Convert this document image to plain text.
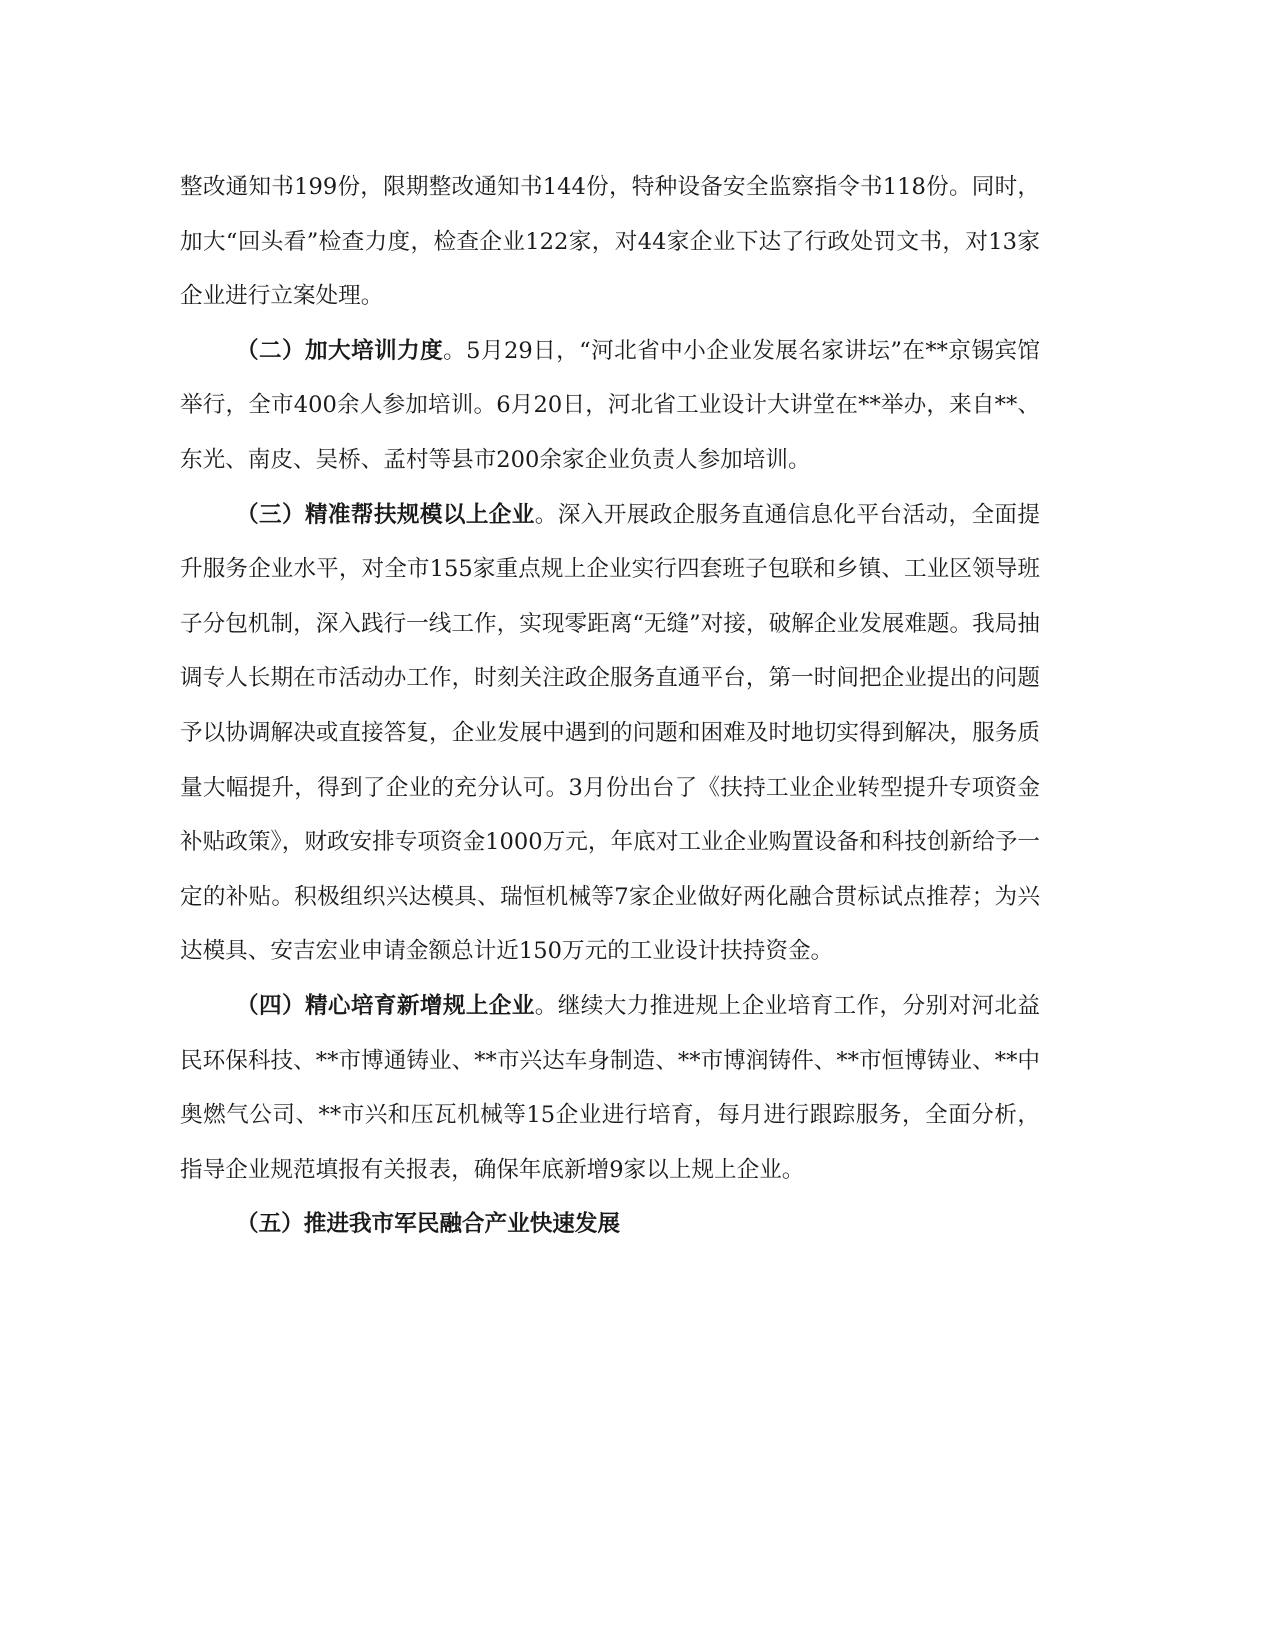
整改通知书199份，限期整改通知书144份，特种设备安全监察指令书118份。同时，加大“回头看”检查力度，检查企业122家，对44家企业下达了行政处罚文书，对13家企业进行立案处理。

（二）加大培训力度。5月29日，“河北省中小企业发展名家讲坛”在**京锡宾馆举行，全市400余人参加培训。6月20日，河北省工业设计大讲堂在**举办，来自**、东光、南皮、吴桥、孟村等县市200余家企业负责人参加培训。

（三）精准帮扶规模以上企业。深入开展政企服务直通信息化平台活动，全面提升服务企业水平，对全市155家重点规上企业实行四套班子包联和乡镇、工业区领导班子分包机制，深入践行一线工作，实现零距离“无缝”对接，破解企业发展难题。我局抽调专人长期在市活动办工作，时刻关注政企服务直通平台，第一时间把企业提出的问题予以协调解决或直接答复，企业发展中遇到的问题和困难及时地切实得到解决，服务质量大幅提升，得到了企业的充分认可。3月份出台了《扶持工业企业转型提升专项资金补贴政策》，财政安排专项资金1000万元，年底对工业企业购置设备和科技创新给予一定的补贴。积极组织兴达模具、瑞恒机械等7家企业做好两化融合贯标试点推荐；为兴达模具、安吉宏业申请金额总计近150万元的工业设计扶持资金。

（四）精心培育新增规上企业。继续大力推进规上企业培育工作，分别对河北益民环保科技、**市博通铸业、**市兴达车身制造、**市博润铸件、**市恒博铸业、**中奥燃气公司、**市兴和压瓦机械等15企业进行培育，每月进行跟踪服务，全面分析，指导企业规范填报有关报表，确保年底新增9家以上规上企业。

（五）推进我市军民融合产业快速发展
